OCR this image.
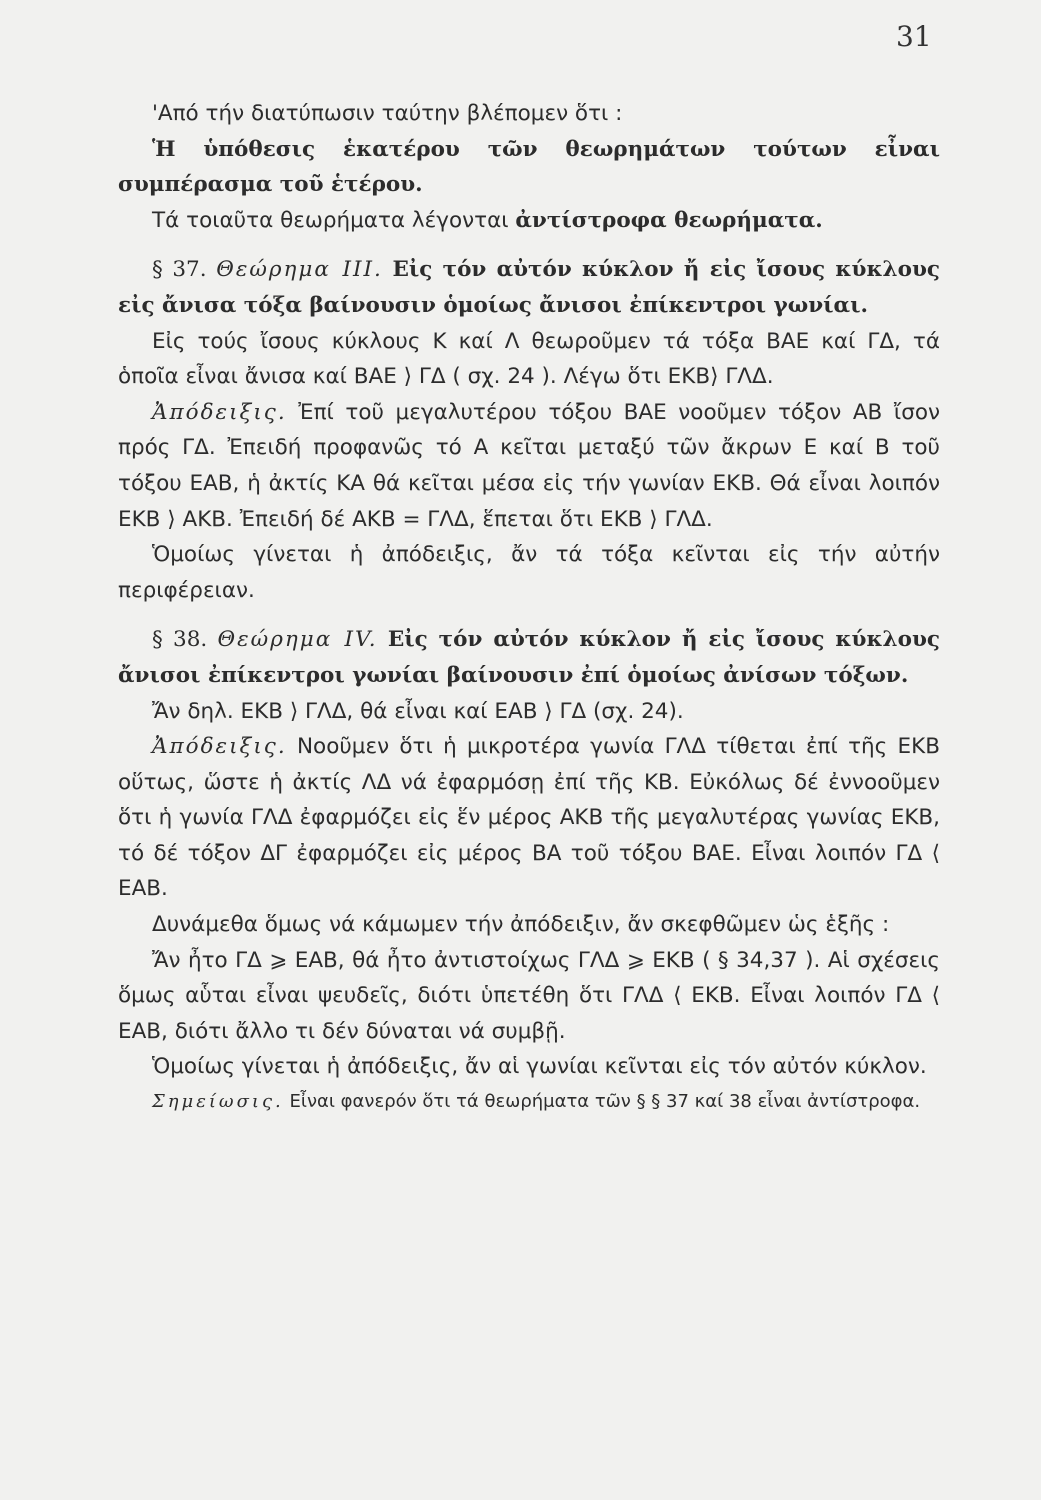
31

'Από τήν διατύπωσιν ταύτην βλέπομεν ὅτι :

Ἡ ὑπόθεσις ἑκατέρου τῶν θεωρημάτων τούτων εἶναι συμπέρασμα τοῦ ἑτέρου.

Τά τοιαῦτα θεωρήματα λέγονται ἀντίστροφα θεωρήματα.

§ 37. Θεώρημα III. Εἰς τόν αὐτόν κύκλον ἤ εἰς ἴσους κύκλους εἰς ἄνισα τόξα βαίνουσιν ὁμοίως ἄνισοι ἐπίκεντροι γωνίαι.

Εἰς τούς ἴσους κύκλους Κ καί Λ θεωροῦμεν τά τόξα ΒΑΕ καί ΓΔ, τά ὁποῖα εἶναι ἄνισα καί ΒΑΕ ⟩ ΓΔ ( σχ. 24 ). Λέγω ὅτι ΕΚΒ⟩ ΓΛΔ.

Ἀπόδειξις. Ἐπί τοῦ μεγαλυτέρου τόξου ΒΑΕ νοοῦμεν τόξον ΑΒ ἴσον πρός ΓΔ. Ἐπειδή προφανῶς τό Α κεῖται μεταξύ τῶν ἄκρων Ε καί Β τοῦ τόξου ΕΑΒ, ἡ ἀκτίς ΚΑ θά κεῖται μέσα εἰς τήν γωνίαν ΕΚΒ. Θά εἶναι λοιπόν ΕΚΒ ⟩ ΑΚΒ. Ἐπειδή δέ ΑΚΒ = ΓΛΔ, ἕπεται ὅτι ΕΚΒ ⟩ ΓΛΔ.

Ὁμοίως γίνεται ἡ ἀπόδειξις, ἄν τά τόξα κεῖνται εἰς τήν αὐτήν περιφέρειαν.

§ 38. Θεώρημα IV. Εἰς τόν αὐτόν κύκλον ἤ εἰς ἴσους κύκλους ἄνισοι ἐπίκεντροι γωνίαι βαίνουσιν ἐπί ὁμοίως ἀνίσων τόξων.

Ἄν δηλ. ΕΚΒ ⟩ ΓΛΔ, θά εἶναι καί ΕΑΒ ⟩ ΓΔ (σχ. 24).

Ἀπόδειξις. Νοοῦμεν ὅτι ἡ μικροτέρα γωνία ΓΛΔ τίθεται ἐπί τῆς ΕΚΒ οὕτως, ὥστε ἡ ἀκτίς ΛΔ νά ἐφαρμόσῃ ἐπί τῆς ΚΒ. Εὐκόλως δέ ἐννοοῦμεν ὅτι ἡ γωνία ΓΛΔ ἐφαρμόζει εἰς ἕν μέρος ΑΚΒ τῆς μεγαλυτέρας γωνίας ΕΚΒ, τό δέ τόξον ΔΓ ἐφαρμόζει εἰς μέρος ΒΑ τοῦ τόξου ΒΑΕ. Εἶναι λοιπόν ΓΔ ⟨ ΕΑΒ.

Δυνάμεθα ὅμως νά κάμωμεν τήν ἀπόδειξιν, ἄν σκεφθῶμεν ὡς ἑξῆς :

Ἄν ἦτο ΓΔ ⩾ ΕΑΒ, θά ἦτο ἀντιστοίχως ΓΛΔ ⩾ ΕΚΒ ( § 34,37 ). Αἱ σχέσεις ὅμως αὗται εἶναι ψευδεῖς, διότι ὑπετέθη ὅτι ΓΛΔ ⟨ ΕΚΒ. Εἶναι λοιπόν ΓΔ ⟨ ΕΑΒ, διότι ἄλλο τι δέν δύναται νά συμβῇ.

Ὁμοίως γίνεται ἡ ἀπόδειξις, ἄν αἱ γωνίαι κεῖνται εἰς τόν αὐτόν κύκλον.

Σημείωσις. Εἶναι φανερόν ὅτι τά θεωρήματα τῶν § § 37 καί 38 εἶναι ἀντίστροφα.
